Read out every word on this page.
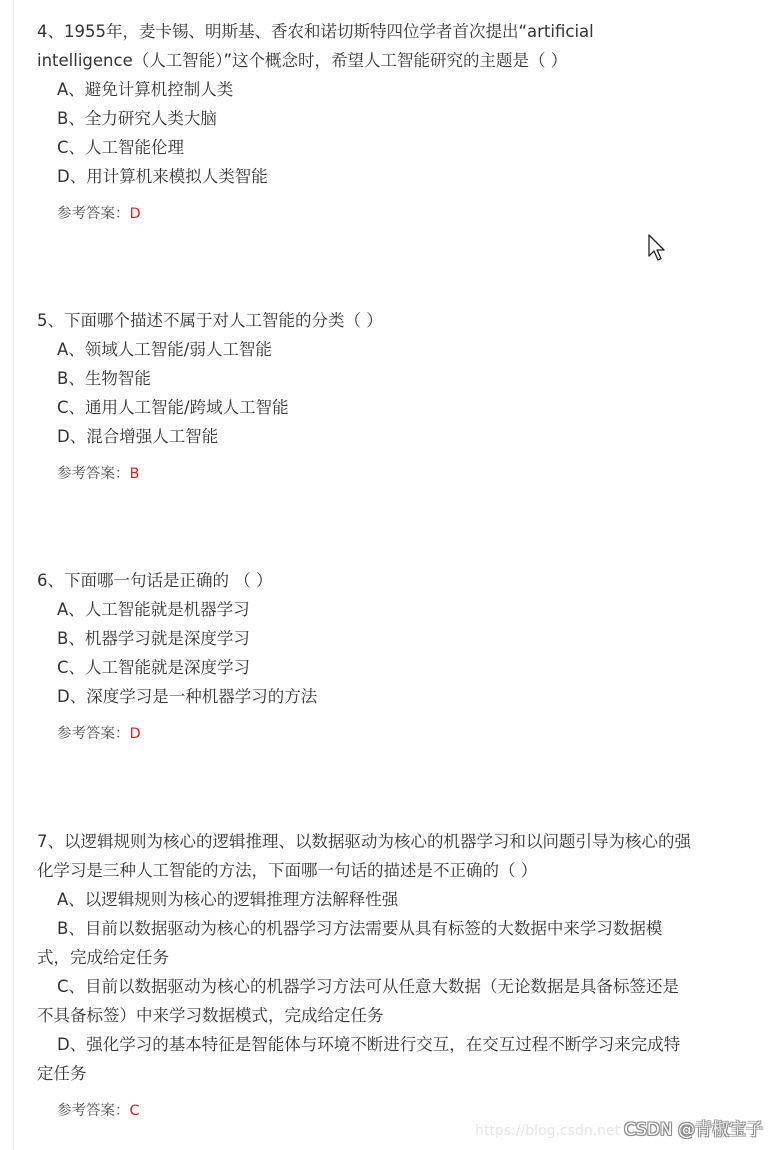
4、1955年，麦卡锡、明斯基、香农和诺切斯特四位学者首次提出“artificial
intelligence（人工智能）”这个概念时，希望人工智能研究的主题是（ ）
A、避免计算机控制人类
B、全力研究人类大脑
C、人工智能伦理
D、用计算机来模拟人类智能
参考答案：D
5、下面哪个描述不属于对人工智能的分类（ ）
A、领域人工智能/弱人工智能
B、生物智能
C、通用人工智能/跨域人工智能
D、混合增强人工智能
参考答案：B
6、下面哪一句话是正确的 （ ）
A、人工智能就是机器学习
B、机器学习就是深度学习
C、人工智能就是深度学习
D、深度学习是一种机器学习的方法
参考答案：D
7、以逻辑规则为核心的逻辑推理、以数据驱动为核心的机器学习和以问题引导为核心的强
化学习是三种人工智能的方法，下面哪一句话的描述是不正确的（ ）
A、以逻辑规则为核心的逻辑推理方法解释性强
B、目前以数据驱动为核心的机器学习方法需要从具有标签的大数据中来学习数据模
式，完成给定任务
C、目前以数据驱动为核心的机器学习方法可从任意大数据（无论数据是具备标签还是
不具备标签）中来学习数据模式，完成给定任务
D、强化学习的基本特征是智能体与环境不断进行交互，在交互过程不断学习来完成特
定任务
参考答案：C
https://blog.csdn.net CSDN @青椒宝子
